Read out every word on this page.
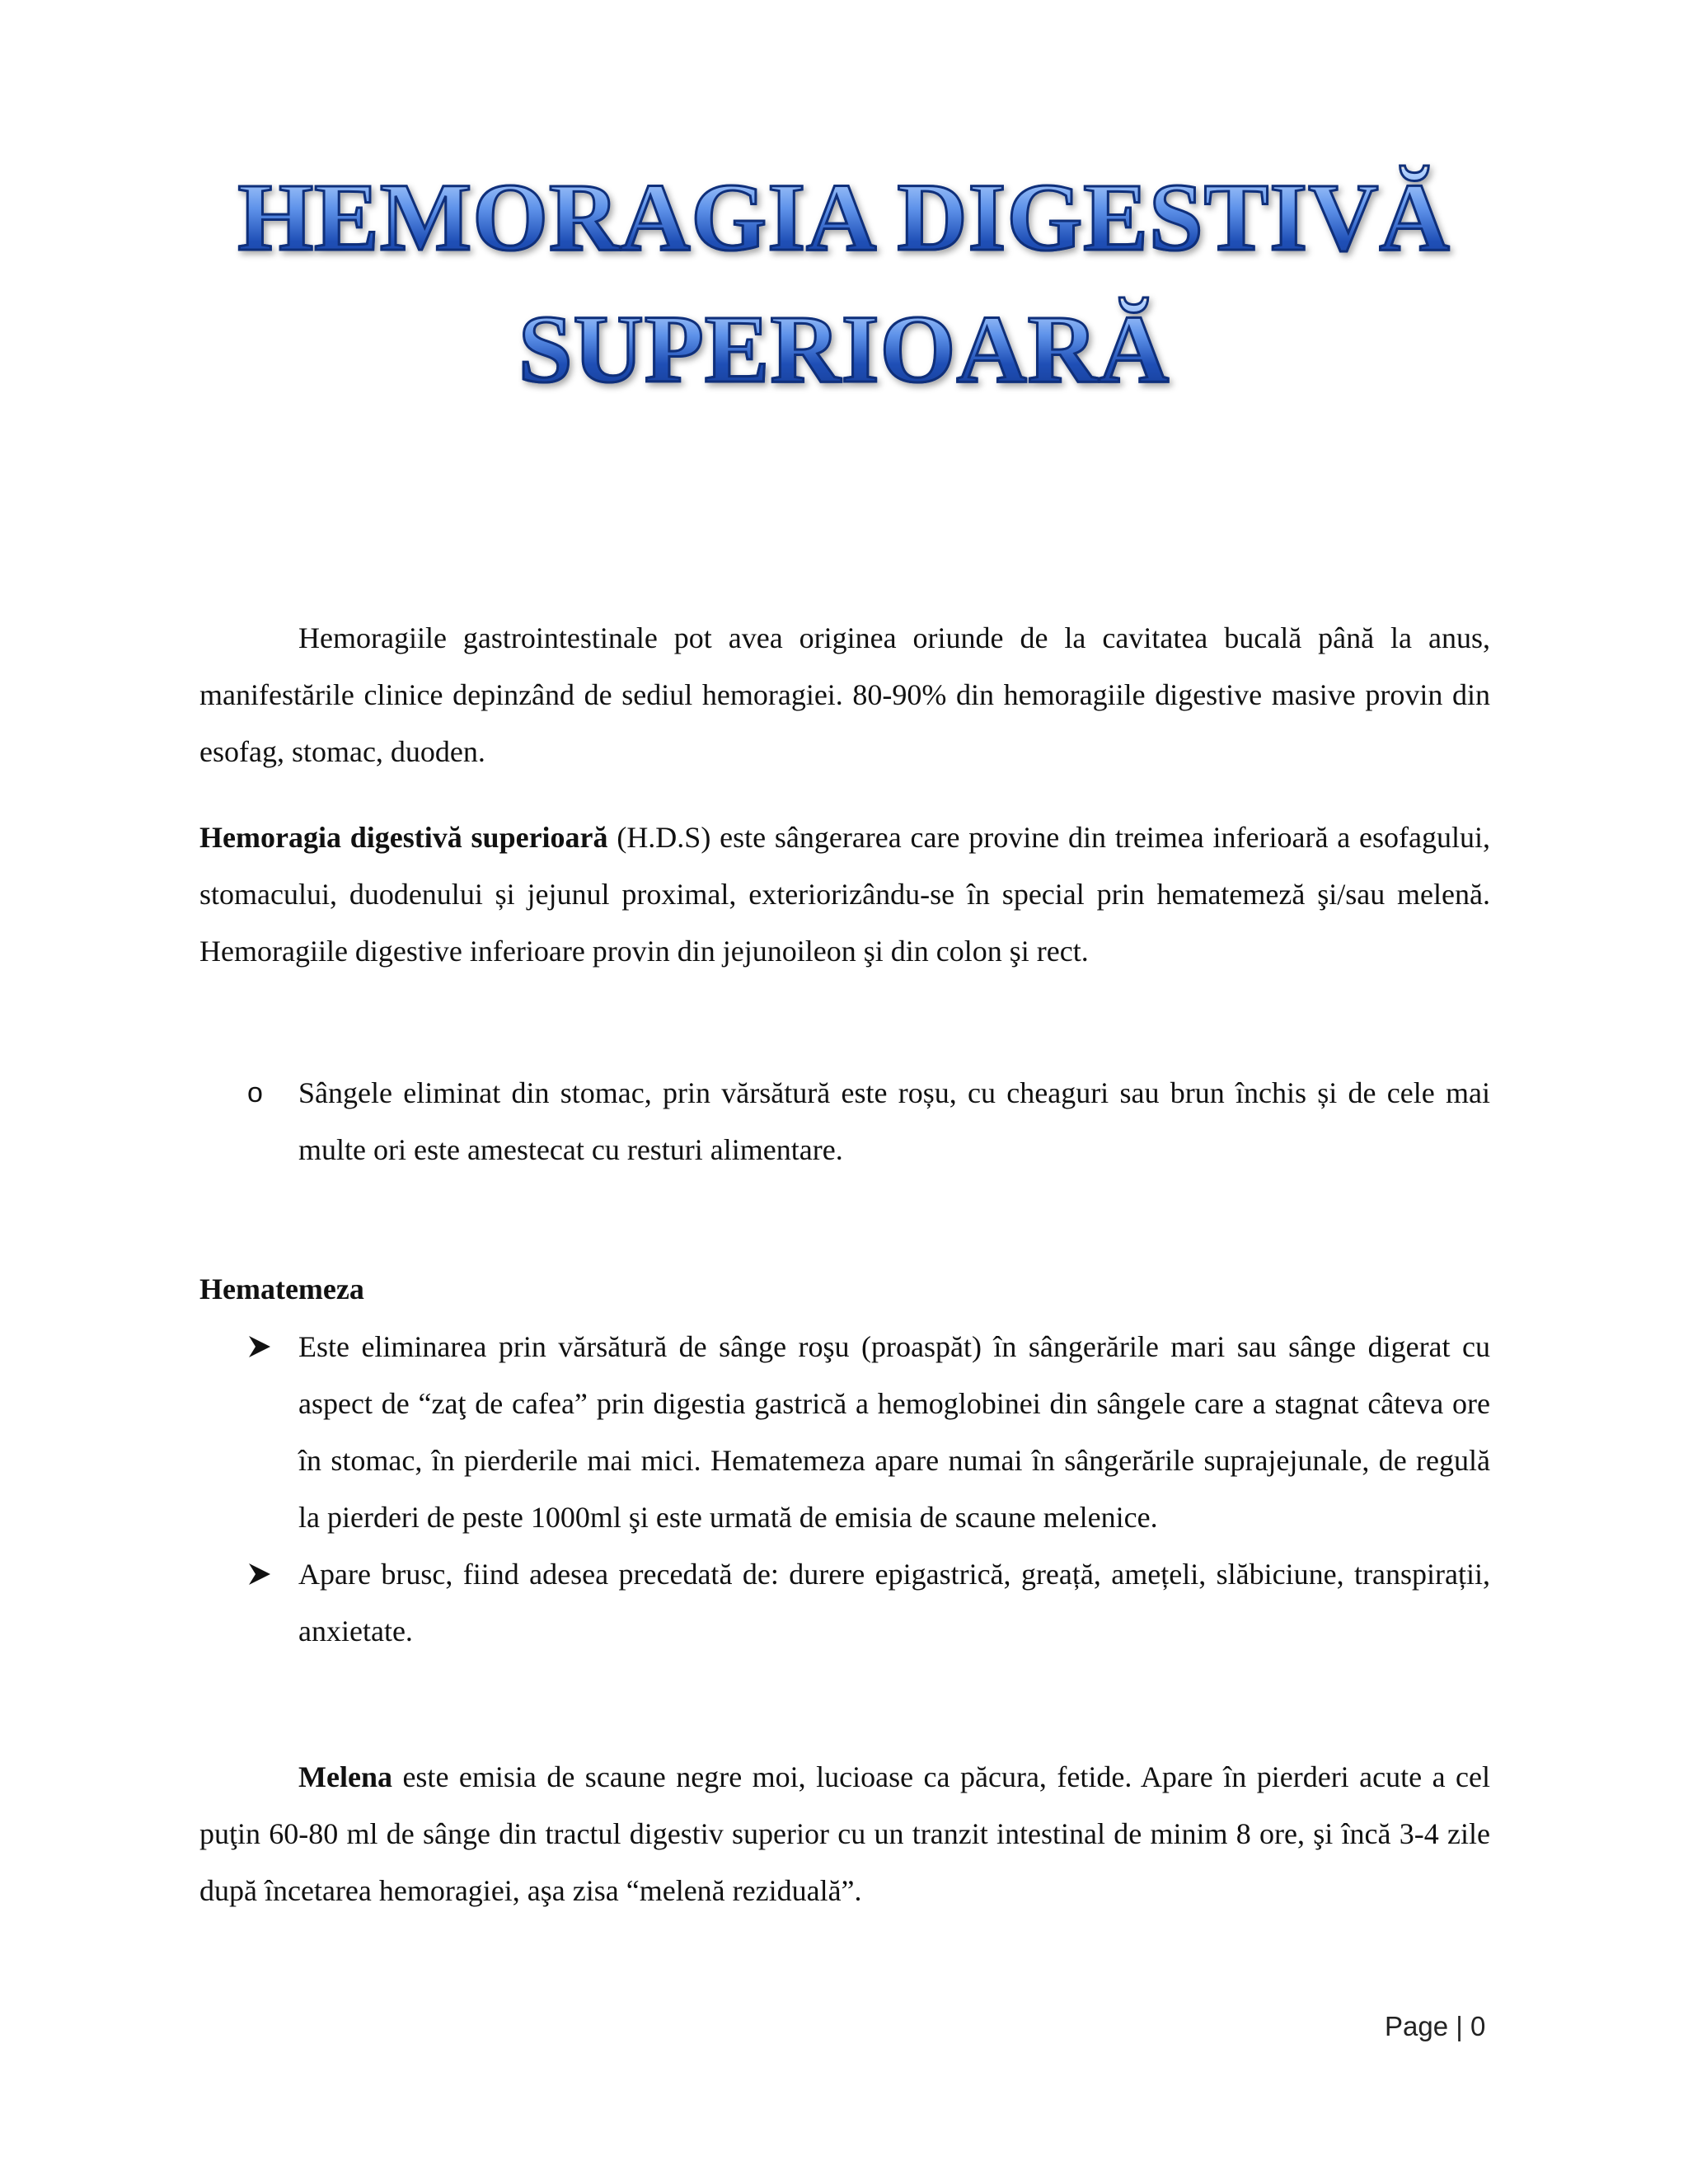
HEMORAGIA DIGESTIVĂ
SUPERIOARĂ

Hemoragiile gastrointestinale pot avea originea oriunde de la cavitatea bucală până la anus, manifestările clinice depinzând de sediul hemoragiei. 80-90% din hemoragiile digestive masive provin din esofag, stomac, duoden.

Hemoragia digestivă superioară (H.D.S) este sângerarea care provine din treimea inferioară a esofagului, stomacului, duodenului și jejunul proximal, exteriorizându-se în special prin hematemeză şi/sau melenă. Hemoragiile digestive inferioare provin din jejunoileon şi din colon şi rect.

o Sângele eliminat din stomac, prin vărsătură este roșu, cu cheaguri sau brun închis și de cele mai multe ori este amestecat cu resturi alimentare.

Hematemeza

Este eliminarea prin vărsătură de sânge roşu (proaspăt) în sângerările mari sau sânge digerat cu aspect de “zaţ de cafea” prin digestia gastrică a hemoglobinei din sângele care a stagnat câteva ore în stomac, în pierderile mai mici. Hematemeza apare numai în sângerările suprajejunale, de regulă la pierderi de peste 1000ml şi este urmată de emisia de scaune melenice.
Apare brusc, fiind adesea precedată de: durere epigastrică, greață, amețeli, slăbiciune, transpirații, anxietate.

Melena este emisia de scaune negre moi, lucioase ca păcura, fetide. Apare în pierderi acute a cel puţin 60-80 ml de sânge din tractul digestiv superior cu un tranzit intestinal de minim 8 ore, şi încă 3-4 zile după încetarea hemoragiei, aşa zisa “melenă reziduală”.

Page | 0
